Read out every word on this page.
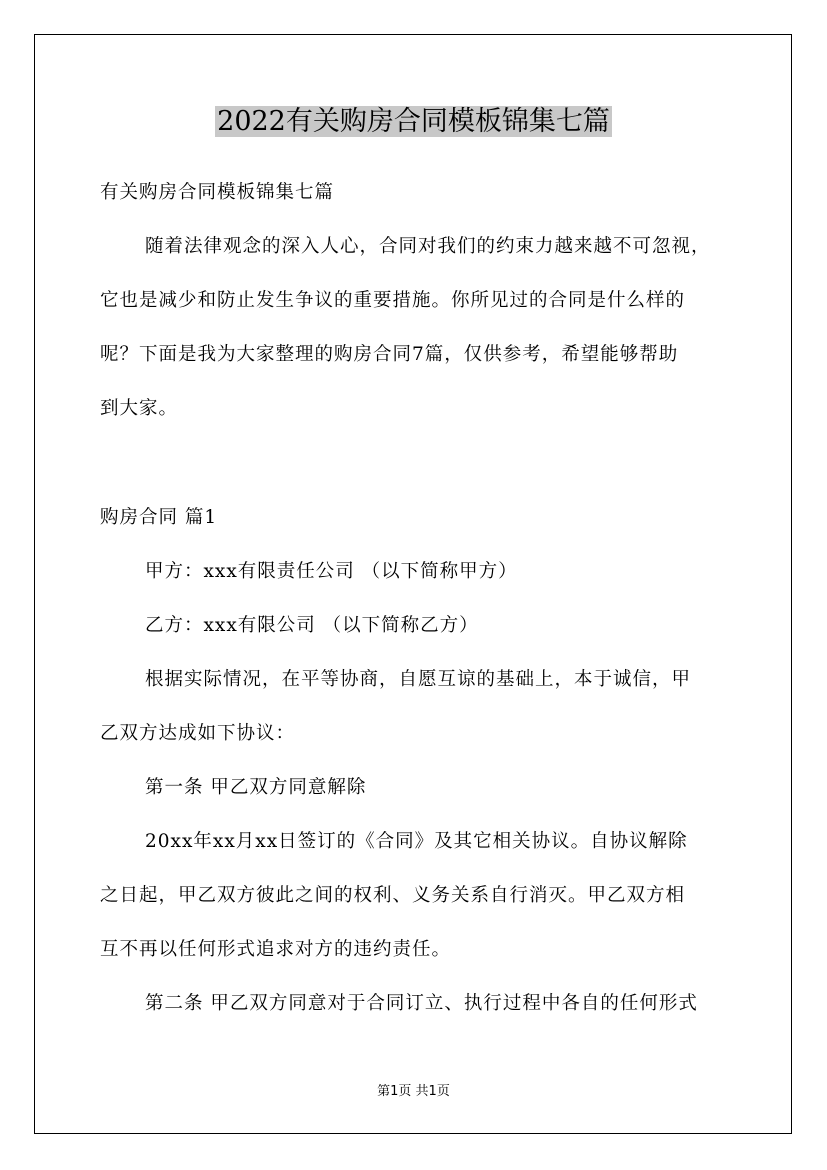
2022有关购房合同模板锦集七篇

有关购房合同模板锦集七篇

随着法律观念的深入人心，合同对我们的约束力越来越不可忽视，

它也是减少和防止发生争议的重要措施。你所见过的合同是什么样的

呢？下面是我为大家整理的购房合同7篇，仅供参考，希望能够帮助

到大家。

购房合同 篇1

甲方：xxx有限责任公司 （以下简称甲方）

乙方：xxx有限公司 （以下简称乙方）

根据实际情况，在平等协商，自愿互谅的基础上，本于诚信，甲

乙双方达成如下协议：

第一条 甲乙双方同意解除

20xx年xx月xx日签订的《合同》及其它相关协议。自协议解除

之日起，甲乙双方彼此之间的权利、义务关系自行消灭。甲乙双方相

互不再以任何形式追求对方的违约责任。

第二条 甲乙双方同意对于合同订立、执行过程中各自的任何形式

第1页 共1页
